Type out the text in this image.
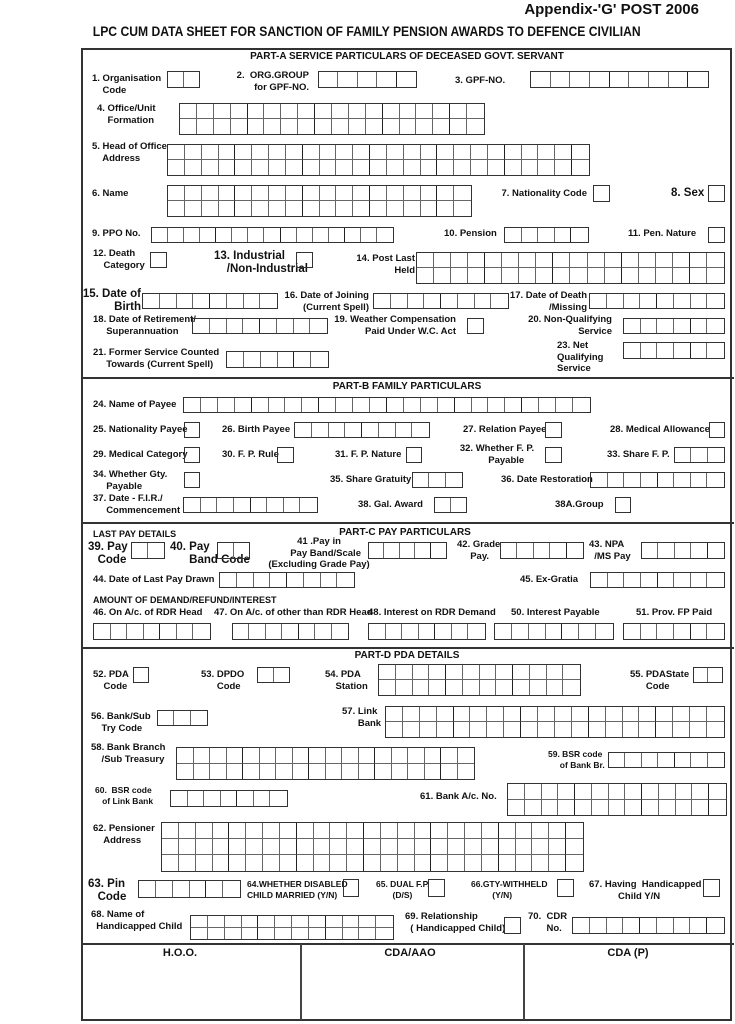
Appendix-'G' POST 2006
LPC CUM DATA SHEET FOR SANCTION OF FAMILY PENSION AWARDS TO DEFENCE CIVILIAN
PART-A SERVICE PARTICULARS OF DECEASED GOVT. SERVANT
PART-B FAMILY PARTICULARS
PART-C PAY PARTICULARS
LAST PAY DETAILS
AMOUNT OF DEMAND/REFUND/INTEREST
PART-D PDA DETAILS
H.O.O.	CDA/AAO	CDA (P)
1. Organisation
Code
2.  ORG.GROUP
for GPF-NO.
3. GPF-NO.
4. Office/Unit
Formation
5. Head of Office
Address
6. Name	7. Nationality Code	8. Sex
9. PPO No.	10. Pension	11. Pen. Nature
12. Death
Category
13. Industrial
/Non-Industrial
14. Post Last
Held
15. Date of
Birth
16. Date of Joining
(Current Spell)
17. Date of Death
/Missing
18. Date of Retirement/
Superannuation
19. Weather Compensation
Paid Under W.C. Act
20. Non-Qualifying
Service
21. Former Service Counted
Towards (Current Spell)
23. Net
Qualifying
Service
24. Name of Payee
25. Nationality Payee	26. Birth Payee	27. Relation Payee	28. Medical Allowance
29. Medical Category	30. F. P. Rule	31. F. P. Nature
32. Whether F. P.
Payable	33. Share F. P.
34. Whether Gty.
Payable
35. Share Gratuity	36. Date Restoration
37. Date - F.I.R./
Commencement	38. Gal. Award	38A.Group
39. Pay
Code
40. Pay
Band Code
41 .Pay in
Pay Band/Scale
(Excluding Grade Pay)
42. Grade
Pay.
43. NPA
/MS Pay
44. Date of Last Pay Drawn	45. Ex-Gratia
46. On A/c. of RDR Head 47. On A/c. of other than RDR Head
48. Interest on RDR Demand 50. Interest Payable	51. Prov. FP Paid
52. PDA
Code
53. DPDO
Code
54. PDA
Station
55. PDAState
Code
56. Bank/Sub
Try Code
57. Link
Bank
58. Bank Branch
/Sub Treasury	59. BSR code
of Bank Br.
60.  BSR code
of Link Bank	61. Bank A/c. No.
62. Pensioner
Address
63. Pin
Code
64.WHETHER DISABLED
CHILD MARRIED (Y/N)
65. DUAL F.P.
(D/S)
66.GTY-WITHHELD
(Y/N)
67. Having  Handicapped
Child Y/N
68. Name of
Handicapped Child
69. Relationship
( Handicapped Child)
70.  CDR
No.
